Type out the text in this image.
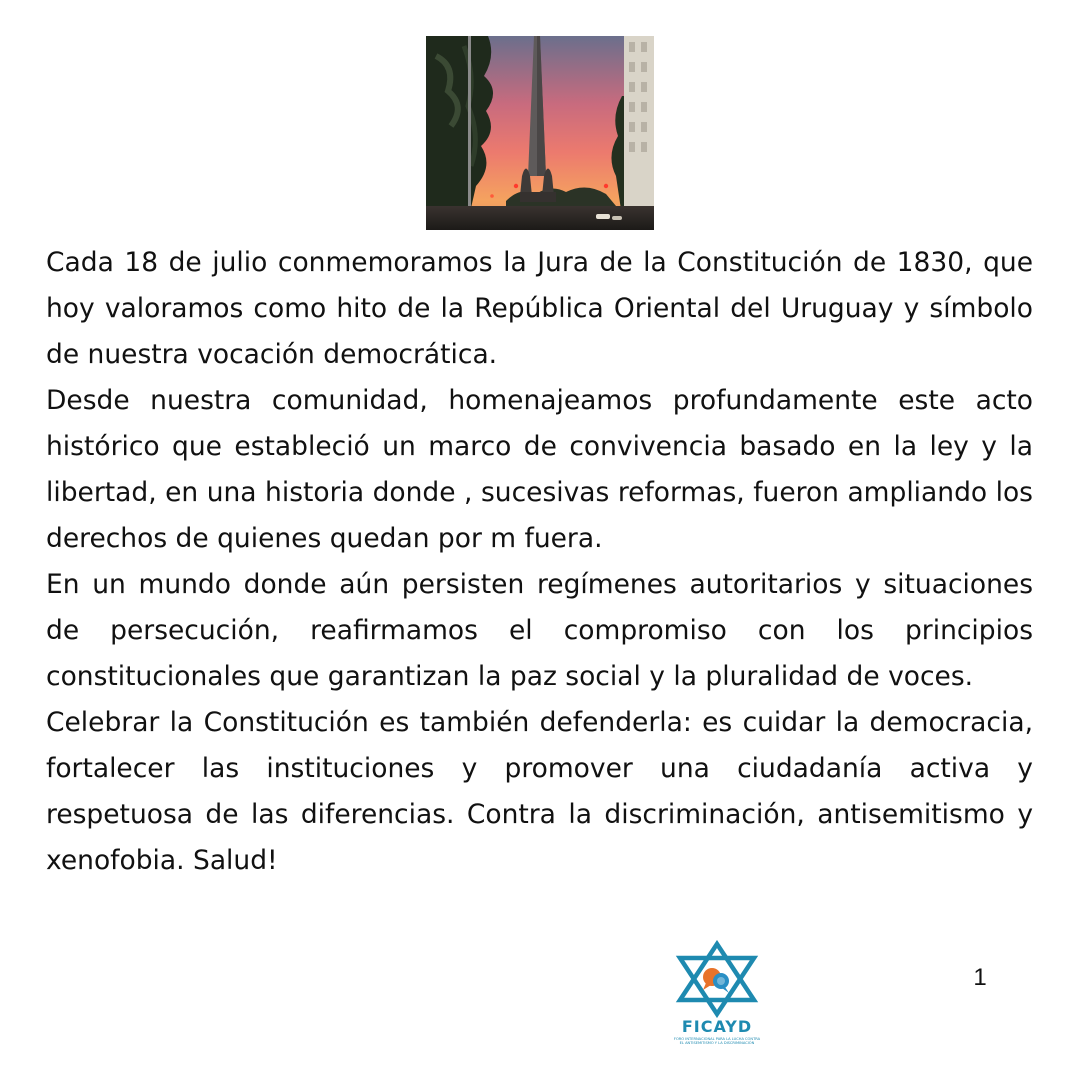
Cada 18 de julio conmemoramos la Jura de la Constitución de 1830, que hoy valoramos como hito de la República Oriental del Uruguay y símbolo de nuestra vocación democrática.

Desde nuestra comunidad, homenajeamos profundamente este acto histórico que estableció un marco de convivencia basado en la ley y la libertad, en una historia donde , sucesivas reformas, fueron ampliando los derechos de quienes quedan por m fuera.

En un mundo donde aún persisten regímenes autoritarios y situaciones de persecución, reafirmamos el compromiso con los principios constitucionales que garantizan la paz social y la pluralidad de voces.

Celebrar la Constitución es también defenderla: es cuidar la democracia, fortalecer las instituciones y promover una ciudadanía activa y respetuosa de las diferencias. Contra la discriminación, antisemitismo y xenofobia. Salud!

FICAYD
FORO INTERNACIONAL PARA LA LUCHA CONTRA
EL ANTISEMITISMO Y LA DISCRIMINACIÓN
1
